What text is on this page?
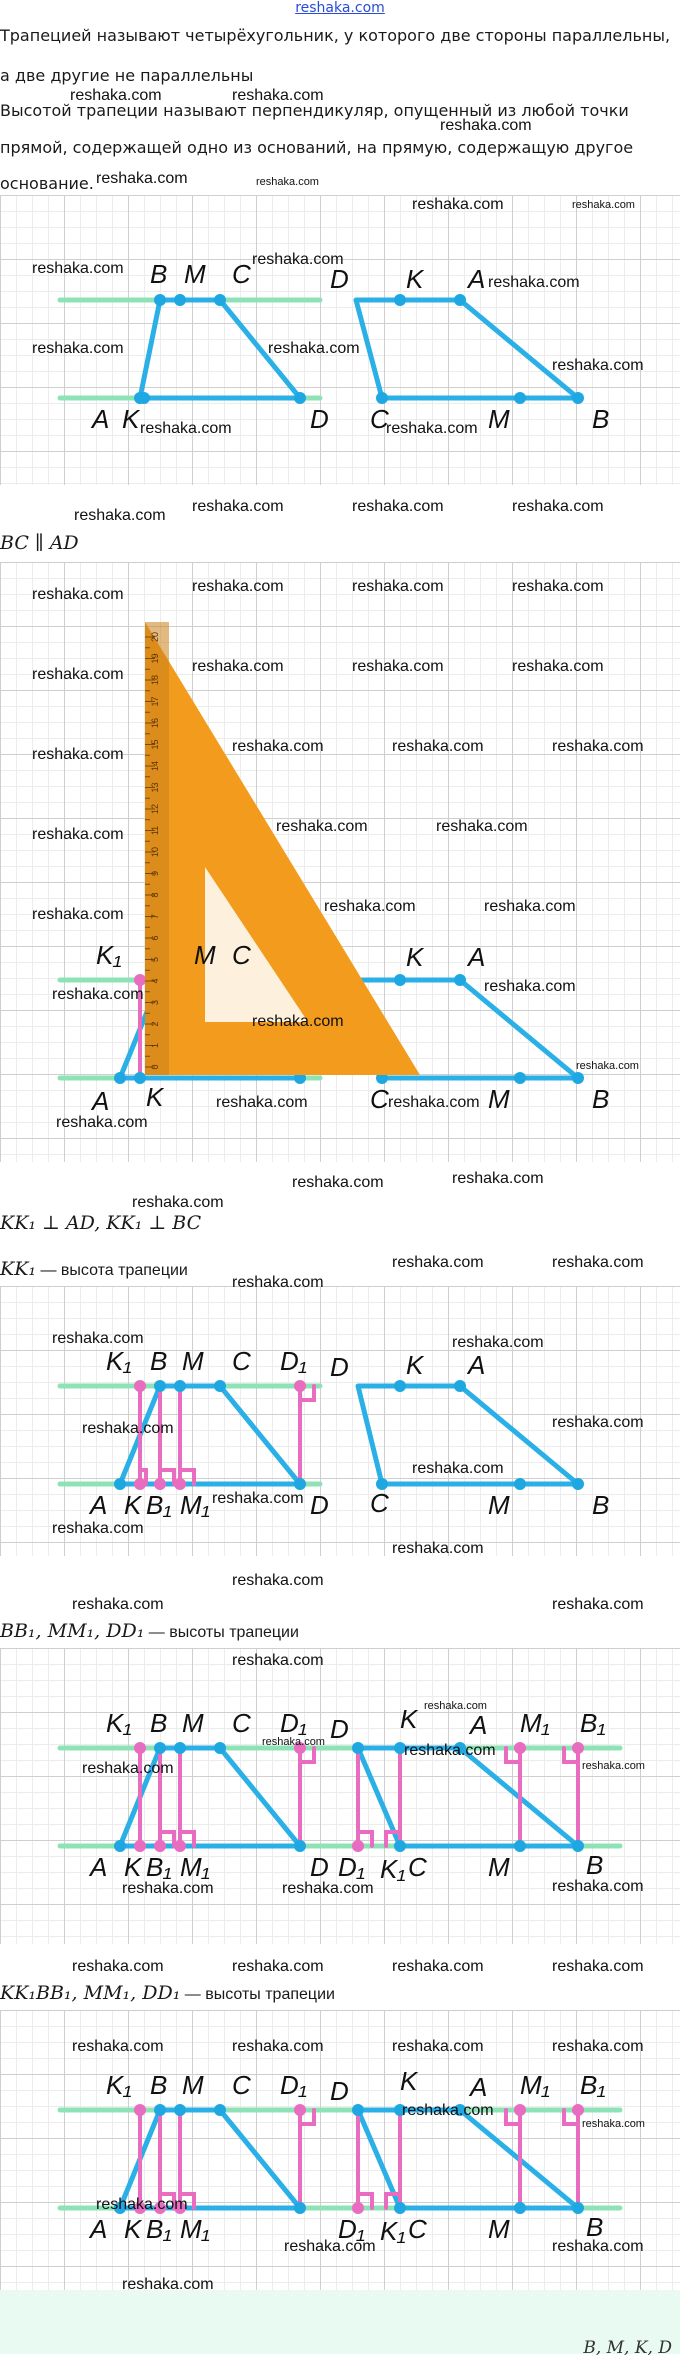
reshaka.com
Трапецией называют четырёхугольник, у которого две стороны параллельны,
а две другие не параллельны
Высотой трапеции называют перпендикуляр, опущенный из любой точки
прямой, содержащей одно из оснований, на прямую, содержащую другое
основание.
B M C	D K A
A K	D C	M	B
BC ∥ AD
0
1
2
3
4
5
6
7
8
9
10
11
12
13
14
15
16
17
18
19
20
K₁	M C	K A
A K	C	M	B
KK₁ ⊥ AD, KK₁ ⊥ BC
KK₁ — высота трапеции
K₁ B M C D₁ D K A
A K B₁ M₁	D C	M	B
BB₁, MM₁, DD₁ — высоты трапеции
K₁ B M C D₁ D K A M₁ B₁
A K B₁ M₁	D D₁ K₁ C M	B
KK₁BB₁, MM₁, DD₁ — высоты трапеции
K₁ B M C D₁ D K A M₁ B₁
A K B₁ M₁	D₁ K₁ C M	B
B, M, K, D
reshaka.com	reshaka.com
reshaka.com
reshaka.com	reshaka.com
reshaka.com	reshaka.com
reshaka.com
reshaka.com
reshaka.com
reshaka.com	reshaka.com
reshaka.com
reshaka.com	reshaka.com
reshaka.com
reshaka.com	reshaka.com	reshaka.com
reshaka.com	reshaka.com	reshaka.com	reshaka.com
reshaka.com	reshaka.com	reshaka.com	reshaka.com
reshaka.com	reshaka.com	reshaka.com
reshaka.com
reshaka.com	reshaka.com
reshaka.com
reshaka.com	reshaka.com
reshaka.com
reshaka.com
reshaka.com
reshaka.com
reshaka.com
reshaka.com	reshaka.com
reshaka.com
reshaka.com	reshaka.com
reshaka.com
reshaka.com
reshaka.com	reshaka.com
reshaka.com	reshaka.com
reshaka.com	reshaka.com
reshaka.com
reshaka.com
reshaka.com
reshaka.com
reshaka.com
reshaka.com	reshaka.com
reshaka.com
reshaka.com
reshaka.com
reshaka.com	reshaka.com
reshaka.com
reshaka.com	reshaka.com	reshaka.com
reshaka.com	reshaka.com	reshaka.com	reshaka.com
reshaka.com	reshaka.com	reshaka.com	reshaka.com
reshaka.com
reshaka.com
reshaka.com
reshaka.com	reshaka.com
reshaka.com
